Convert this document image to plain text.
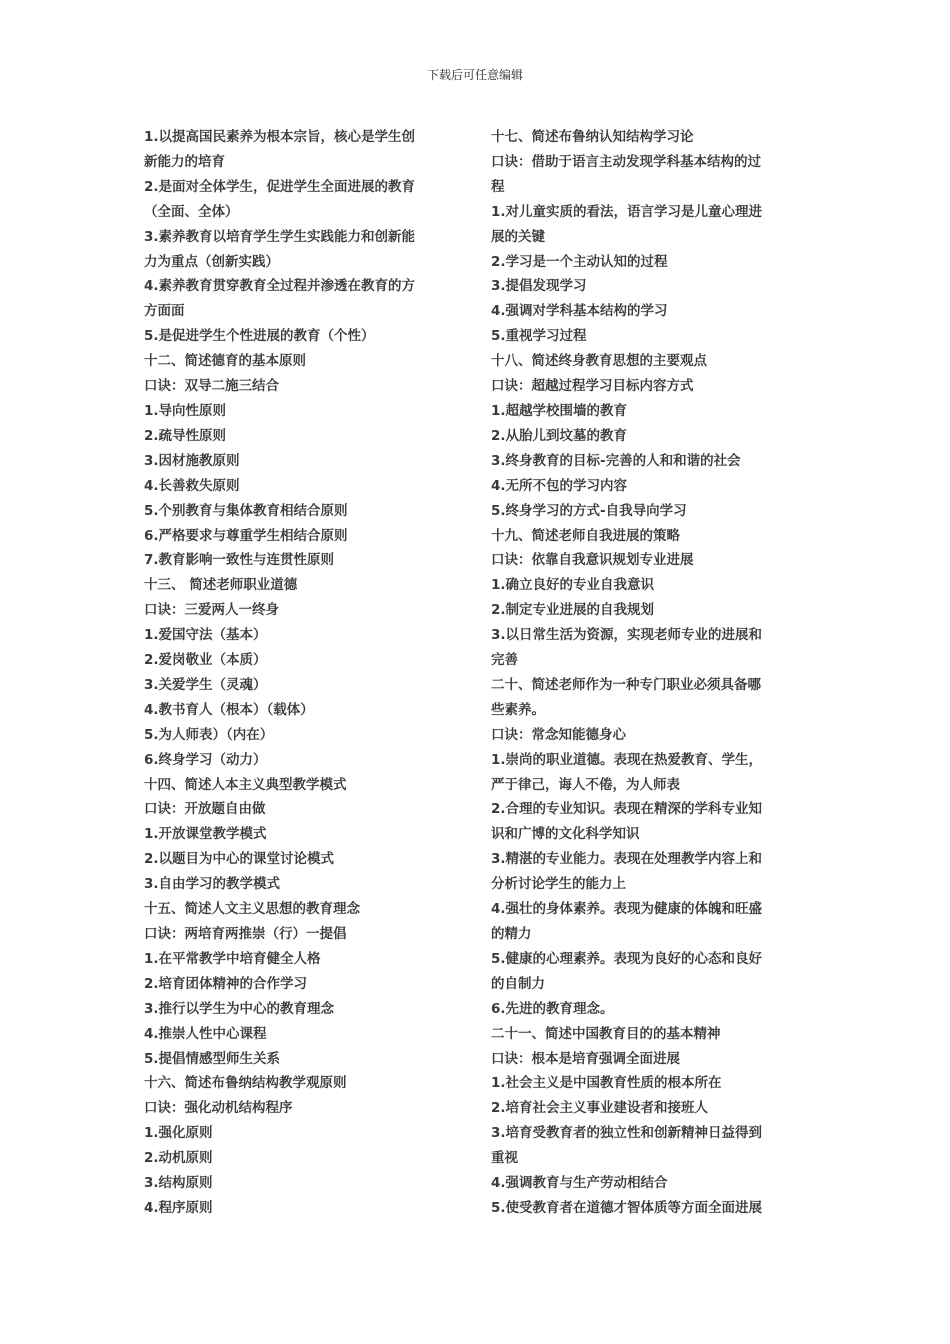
下载后可任意编辑
1.以提高国民素养为根本宗旨，核心是学生创
新能力的培育
2.是面对全体学生，促进学生全面进展的教育
（全面、全体）
3.素养教育以培育学生学生实践能力和创新能
力为重点（创新实践）
4.素养教育贯穿教育全过程并渗透在教育的方
方面面
5.是促进学生个性进展的教育（个性）
十二、简述德育的基本原则
口诀：双导二施三结合
1.导向性原则
2.疏导性原则
3.因材施教原则
4.长善救失原则
5.个别教育与集体教育相结合原则
6.严格要求与尊重学生相结合原则
7.教育影响一致性与连贯性原则
十三、 简述老师职业道德
口诀：三爱两人一终身
1.爱国守法（基本）
2.爱岗敬业（本质）
3.关爱学生（灵魂）
4.教书育人（根本）（载体）
5.为人师表）（内在）
6.终身学习（动力）
十四、简述人本主义典型教学模式
口诀：开放题自由做
1.开放课堂教学模式
2.以题目为中心的课堂讨论模式
3.自由学习的教学模式
十五、简述人文主义思想的教育理念
口诀：两培育两推崇（行）一提倡
1.在平常教学中培育健全人格
2.培育团体精神的合作学习
3.推行以学生为中心的教育理念
4.推崇人性中心课程
5.提倡情感型师生关系
十六、简述布鲁纳结构教学观原则
口诀：强化动机结构程序
1.强化原则
2.动机原则
3.结构原则
4.程序原则
十七、简述布鲁纳认知结构学习论
口诀：借助于语言主动发现学科基本结构的过
程
1.对儿童实质的看法，语言学习是儿童心理进
展的关键
2.学习是一个主动认知的过程
3.提倡发现学习
4.强调对学科基本结构的学习
5.重视学习过程
十八、简述终身教育思想的主要观点
口诀：超越过程学习目标内容方式
1.超越学校围墙的教育
2.从胎儿到坟墓的教育
3.终身教育的目标-完善的人和和谐的社会
4.无所不包的学习内容
5.终身学习的方式-自我导向学习
十九、简述老师自我进展的策略
口诀：依靠自我意识规划专业进展
1.确立良好的专业自我意识
2.制定专业进展的自我规划
3.以日常生活为资源，实现老师专业的进展和
完善
二十、简述老师作为一种专门职业必须具备哪
些素养。
口诀：常念知能德身心
1.崇尚的职业道德。表现在热爱教育、学生，
严于律己，诲人不倦，为人师表
2.合理的专业知识。表现在精深的学科专业知
识和广博的文化科学知识
3.精湛的专业能力。表现在处理教学内容上和
分析讨论学生的能力上
4.强壮的身体素养。表现为健康的体魄和旺盛
的精力
5.健康的心理素养。表现为良好的心态和良好
的自制力
6.先进的教育理念。
二十一、简述中国教育目的的基本精神
口诀：根本是培育强调全面进展
1.社会主义是中国教育性质的根本所在
2.培育社会主义事业建设者和接班人
3.培育受教育者的独立性和创新精神日益得到
重视
4.强调教育与生产劳动相结合
5.使受教育者在道德才智体质等方面全面进展
